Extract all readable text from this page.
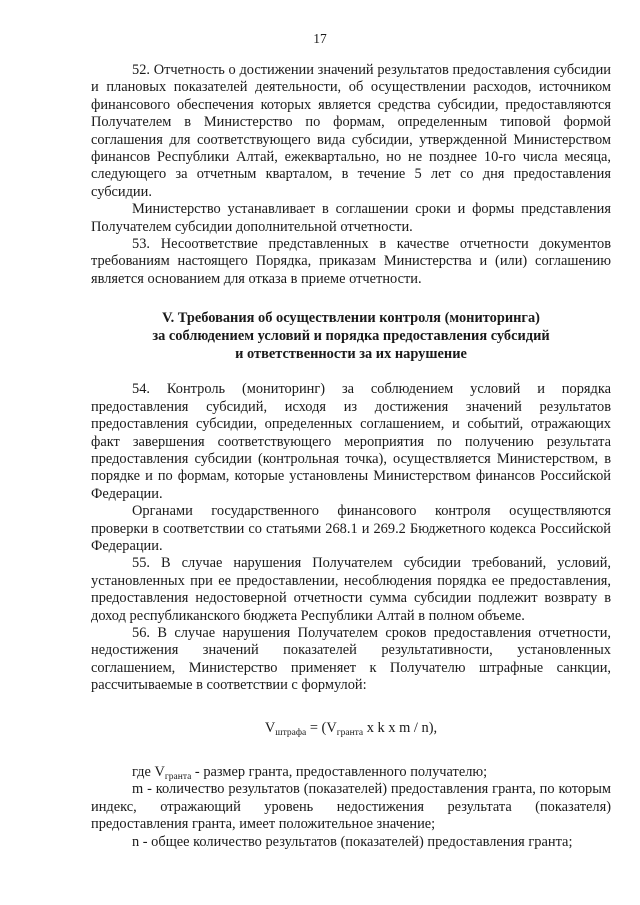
17

52. Отчетность о достижении значений результатов предоставления субсидии и плановых показателей деятельности, об осуществлении расходов, источником финансового обеспечения которых является средства субсидии, предоставляются Получателем в Министерство по формам, определенным типовой формой соглашения для соответствующего вида субсидии, утвержденной Министерством финансов Республики Алтай, ежеквартально, но не позднее 10-го числа месяца, следующего за отчетным кварталом, в течение 5 лет со дня предоставления субсидии.

Министерство устанавливает в соглашении сроки и формы представления Получателем субсидии дополнительной отчетности.

53. Несоответствие представленных в качестве отчетности документов требованиям настоящего Порядка, приказам Министерства и (или) соглашению является основанием для отказа в приеме отчетности.

V. Требования об осуществлении контроля (мониторинга)
за соблюдением условий и порядка предоставления субсидий
и ответственности за их нарушение

54. Контроль (мониторинг) за соблюдением условий и порядка предоставления субсидий, исходя из достижения значений результатов предоставления субсидии, определенных соглашением, и событий, отражающих факт завершения соответствующего мероприятия по получению результата предоставления субсидии (контрольная точка), осуществляется Министерством, в порядке и по формам, которые установлены Министерством финансов Российской Федерации.

Органами государственного финансового контроля осуществляются проверки в соответствии со статьями 268.1 и 269.2 Бюджетного кодекса Российской Федерации.

55. В случае нарушения Получателем субсидии требований, условий, установленных при ее предоставлении, несоблюдения порядка ее предоставления, предоставления недостоверной отчетности сумма субсидии подлежит возврату в доход республиканского бюджета Республики Алтай в полном объеме.

56. В случае нарушения Получателем сроков предоставления отчетности, недостижения значений показателей результативности, установленных соглашением, Министерство применяет к Получателю штрафные санкции, рассчитываемые в соответствии с формулой:

$V_{штрафа} = (V_{гранта}$ x k x m / n),

где $V_{гранта}$ - размер гранта, предоставленного получателю;

m - количество результатов (показателей) предоставления гранта, по которым индекс, отражающий уровень недостижения результата (показателя) предоставления гранта, имеет положительное значение;

n - общее количество результатов (показателей) предоставления гранта;
